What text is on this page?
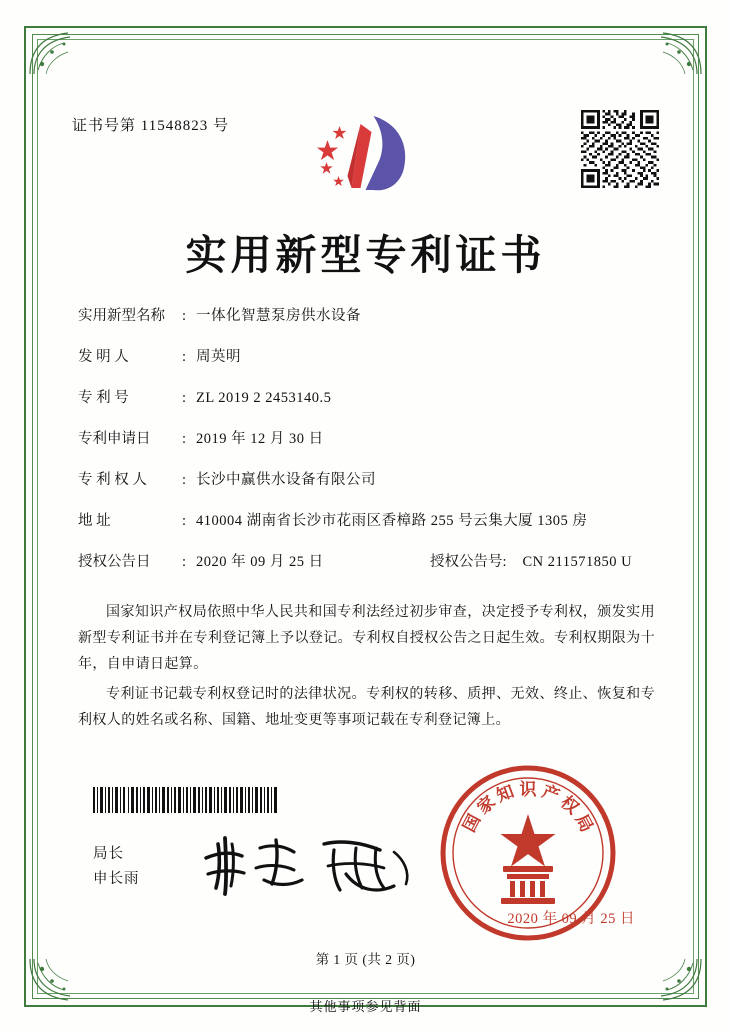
证书号第 11548823 号
实用新型专利证书
实用新型名称	: 一体化智慧泵房供水设备
发 明 人	: 周英明
专 利 号	: ZL 2019 2 2453140.5
专利申请日	: 2019 年 12 月 30 日
专 利 权 人	: 长沙中赢供水设备有限公司
地 址	: 410004 湖南省长沙市花雨区香樟路 255 号云集大厦 1305 房
授权公告日	: 2020 年 09 月 25 日	授权公告号 :	CN 211571850 U

国家知识产权局依照中华人民共和国专利法经过初步审查，决定授予专利权，颁发实用新型专利证书并在专利登记簿上予以登记。专利权自授权公告之日起生效。专利权期限为十年，自申请日起算。

专利证书记载专利权登记时的法律状况。专利权的转移、质押、无效、终止、恢复和专利权人的姓名或名称、国籍、地址变更等事项记载在专利登记簿上。

局长
申长雨
国
家
知 识 产
权
局
2020 年 09 月 25 日
第 1 页 (共 2 页)
其他事项参见背面
